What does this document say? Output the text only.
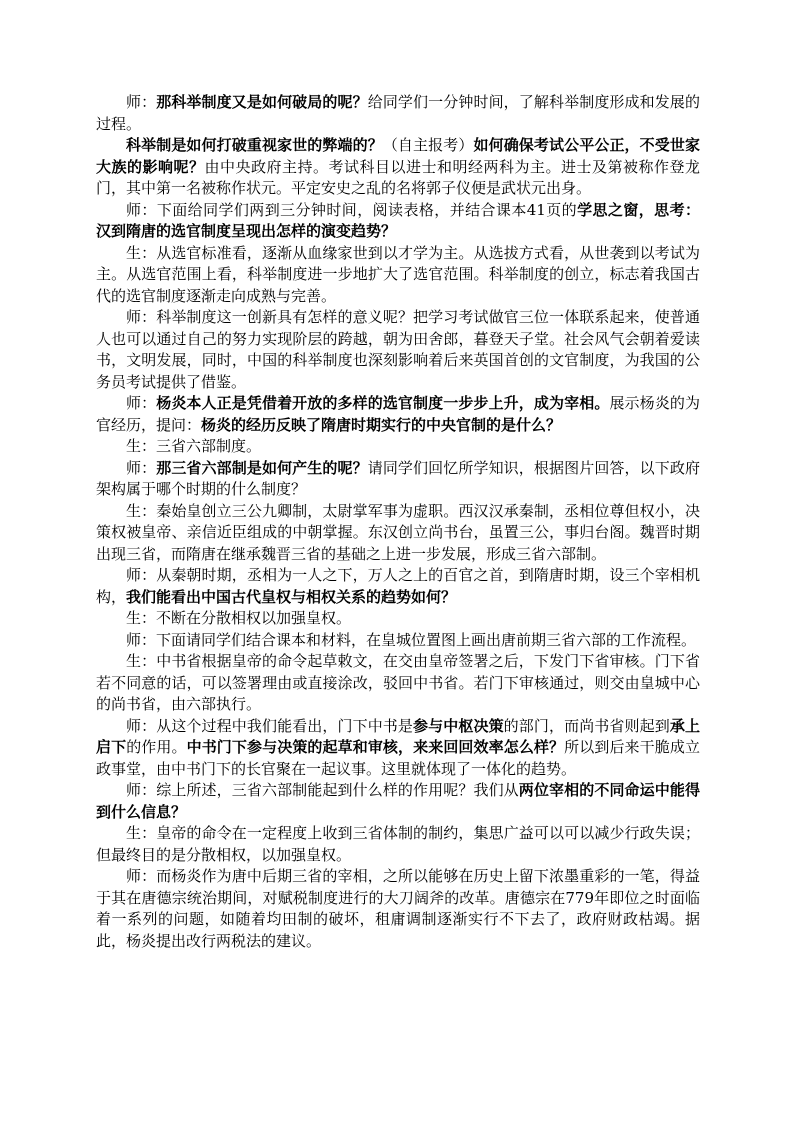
师：那科举制度又是如何破局的呢？给同学们一分钟时间，了解科举制度形成和发展的过程。

科举制是如何打破重视家世的弊端的？（自主报考）如何确保考试公平公正，不受世家大族的影响呢？由中央政府主持。考试科目以进士和明经两科为主。进士及第被称作登龙门，其中第一名被称作状元。平定安史之乱的名将郭子仪便是武状元出身。

师：下面给同学们两到三分钟时间，阅读表格，并结合课本41页的学思之窗，思考：汉到隋唐的选官制度呈现出怎样的演变趋势？

生：从选官标准看，逐渐从血缘家世到以才学为主。从选拔方式看，从世袭到以考试为主。从选官范围上看，科举制度进一步地扩大了选官范围。科举制度的创立，标志着我国古代的选官制度逐渐走向成熟与完善。

师：科举制度这一创新具有怎样的意义呢？把学习考试做官三位一体联系起来，使普通人也可以通过自己的努力实现阶层的跨越，朝为田舍郎，暮登天子堂。社会风气会朝着爱读书，文明发展，同时，中国的科举制度也深刻影响着后来英国首创的文官制度，为我国的公务员考试提供了借鉴。

师：杨炎本人正是凭借着开放的多样的选官制度一步步上升，成为宰相。展示杨炎的为官经历，提问：杨炎的经历反映了隋唐时期实行的中央官制的是什么？

生：三省六部制度。

师：那三省六部制是如何产生的呢？请同学们回忆所学知识，根据图片回答，以下政府架构属于哪个时期的什么制度？

生：秦始皇创立三公九卿制，太尉掌军事为虚职。西汉汉承秦制，丞相位尊但权小，决策权被皇帝、亲信近臣组成的中朝掌握。东汉创立尚书台，虽置三公，事归台阁。魏晋时期出现三省，而隋唐在继承魏晋三省的基础之上进一步发展，形成三省六部制。

师：从秦朝时期，丞相为一人之下，万人之上的百官之首，到隋唐时期，设三个宰相机构，我们能看出中国古代皇权与相权关系的趋势如何？

生：不断在分散相权以加强皇权。

师：下面请同学们结合课本和材料，在皇城位置图上画出唐前期三省六部的工作流程。

生：中书省根据皇帝的命令起草敕文，在交由皇帝签署之后，下发门下省审核。门下省若不同意的话，可以签署理由或直接涂改，驳回中书省。若门下审核通过，则交由皇城中心的尚书省，由六部执行。

师：从这个过程中我们能看出，门下中书是参与中枢决策的部门，而尚书省则起到承上启下的作用。中书门下参与决策的起草和审核，来来回回效率怎么样？所以到后来干脆成立政事堂，由中书门下的长官聚在一起议事。这里就体现了一体化的趋势。

师：综上所述，三省六部制能起到什么样的作用呢？我们从两位宰相的不同命运中能得到什么信息？

生：皇帝的命令在一定程度上收到三省体制的制约，集思广益可以可以减少行政失误；但最终目的是分散相权，以加强皇权。

师：而杨炎作为唐中后期三省的宰相，之所以能够在历史上留下浓墨重彩的一笔，得益于其在唐德宗统治期间，对赋税制度进行的大刀阔斧的改革。唐德宗在779年即位之时面临着一系列的问题，如随着均田制的破坏，租庸调制逐渐实行不下去了，政府财政枯竭。据此，杨炎提出改行两税法的建议。
